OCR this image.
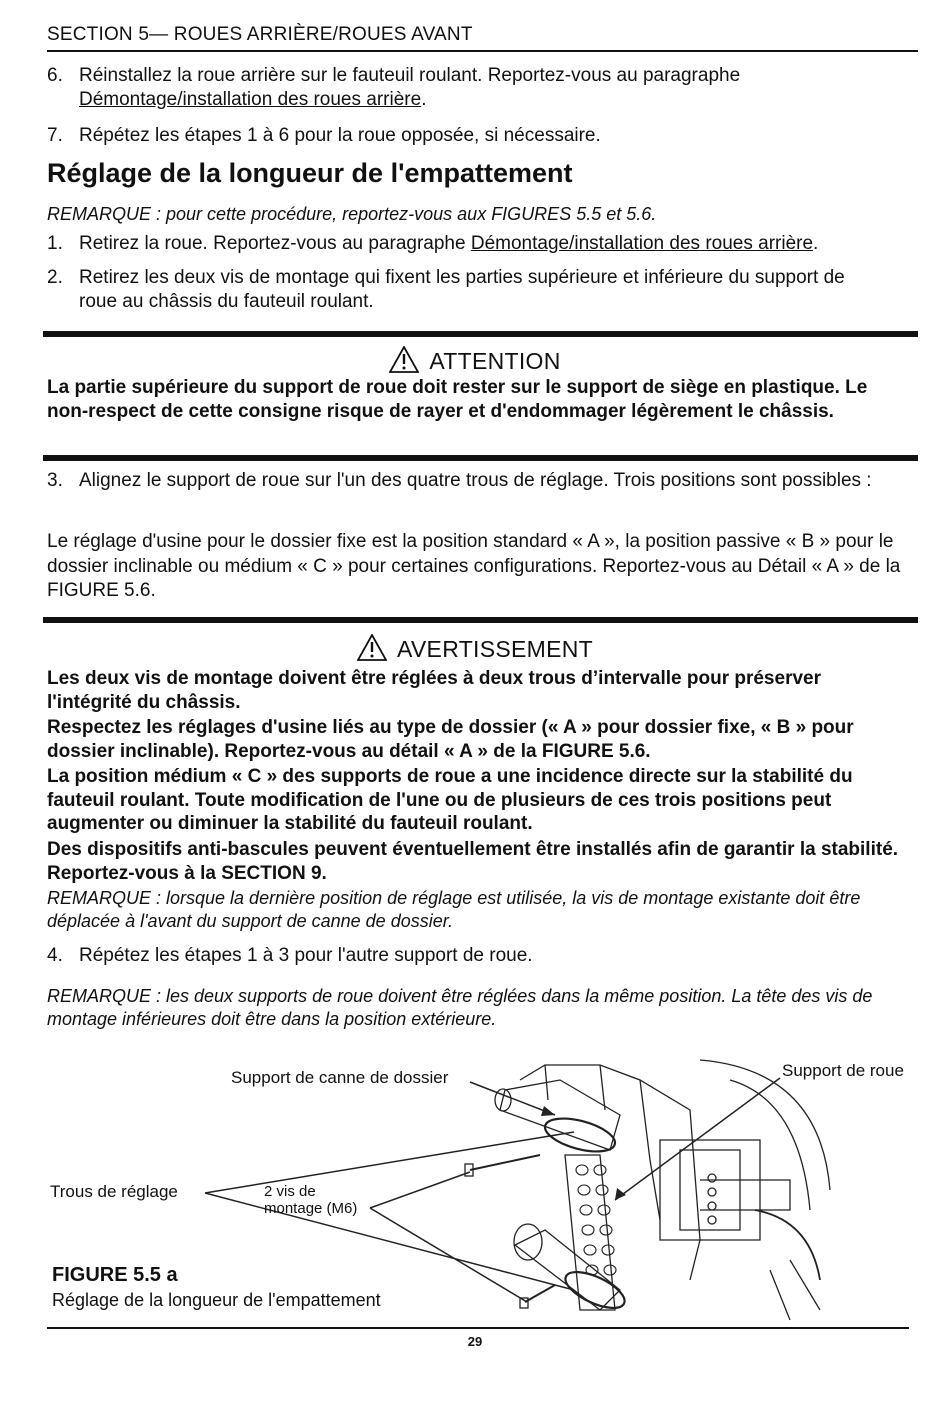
SECTION 5— ROUES ARRIÈRE/ROUES AVANT
6. Réinstallez la roue arrière sur le fauteuil roulant. Reportez-vous au paragraphe
Démontage/installation des roues arrière.
7. Répétez les étapes 1 à 6 pour la roue opposée, si nécessaire.
Réglage de la longueur de l'empattement
REMARQUE : pour cette procédure, reportez-vous aux FIGURES 5.5 et 5.6.
1. Retirez la roue. Reportez-vous au paragraphe Démontage/installation des roues arrière.
2. Retirez les deux vis de montage qui fixent les parties supérieure et inférieure du support de roue au châssis du fauteuil roulant.
ATTENTION
La partie supérieure du support de roue doit rester sur le support de siège en plastique. Le non-respect de cette consigne risque de rayer et d'endommager légèrement le châssis.
3. Alignez le support de roue sur l'un des quatre trous de réglage. Trois positions sont possibles :
Le réglage d'usine pour le dossier fixe est la position standard « A », la position passive « B » pour le dossier inclinable ou médium « C » pour certaines configurations. Reportez-vous au Détail « A » de la FIGURE 5.6.
AVERTISSEMENT
Les deux vis de montage doivent être réglées à deux trous d’intervalle pour préserver l'intégrité du châssis.
Respectez les réglages d'usine liés au type de dossier (« A » pour dossier fixe, « B » pour dossier inclinable). Reportez-vous au détail « A » de la FIGURE 5.6.
La position médium « C » des supports de roue a une incidence directe sur la stabilité du fauteuil roulant. Toute modification de l'une ou de plusieurs de ces trois positions peut augmenter ou diminuer la stabilité du fauteuil roulant.
Des dispositifs anti-bascules peuvent éventuellement être installés afin de garantir la stabilité. Reportez-vous à la SECTION 9.
REMARQUE : lorsque la dernière position de réglage est utilisée, la vis de montage existante doit être déplacée à l'avant du support de canne de dossier.
4. Répétez les étapes 1 à 3 pour l'autre support de roue.
REMARQUE : les deux supports de roue doivent être réglées dans la même position. La tête des vis de montage inférieures doit être dans la position extérieure.
Support de canne de dossier	Support de roue
Trous de réglage	2 vis de
montage (M6)
FIGURE 5.5 a
Réglage de la longueur de l'empattement
29
